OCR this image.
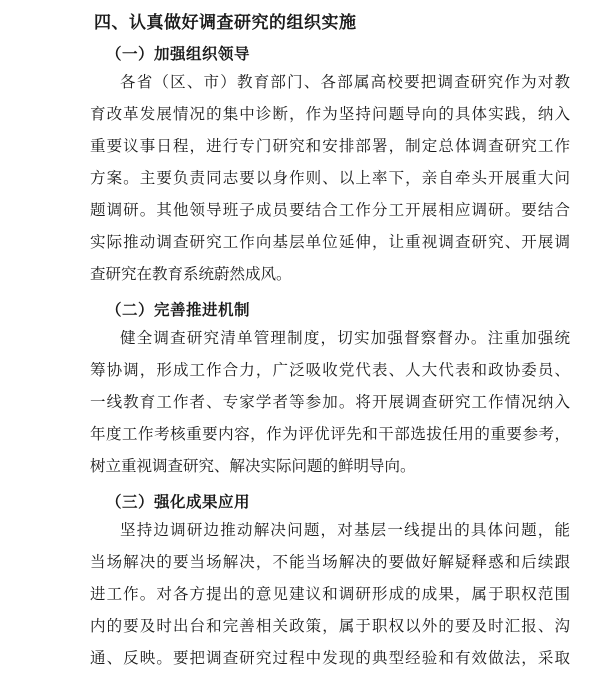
四、认真做好调查研究的组织实施
（一）加强组织领导
各省（区、市）教育部门、各部属高校要把调查研究作为对教
育改革发展情况的集中诊断，作为坚持问题导向的具体实践，纳入
重要议事日程，进行专门研究和安排部署，制定总体调查研究工作
方案。主要负责同志要以身作则、以上率下，亲自牵头开展重大问
题调研。其他领导班子成员要结合工作分工开展相应调研。要结合
实际推动调查研究工作向基层单位延伸，让重视调查研究、开展调
查研究在教育系统蔚然成风。
（二）完善推进机制
健全调查研究清单管理制度，切实加强督察督办。注重加强统
筹协调，形成工作合力，广泛吸收党代表、人大代表和政协委员、
一线教育工作者、专家学者等参加。将开展调查研究工作情况纳入
年度工作考核重要内容，作为评优评先和干部选拔任用的重要参考，
树立重视调查研究、解决实际问题的鲜明导向。
（三）强化成果应用
坚持边调研边推动解决问题，对基层一线提出的具体问题，能
当场解决的要当场解决，不能当场解决的要做好解疑释惑和后续跟
进工作。对各方提出的意见建议和调研形成的成果，属于职权范围
内的要及时出台和完善相关政策，属于职权以外的要及时汇报、沟
通、反映。要把调查研究过程中发现的典型经验和有效做法，采取
